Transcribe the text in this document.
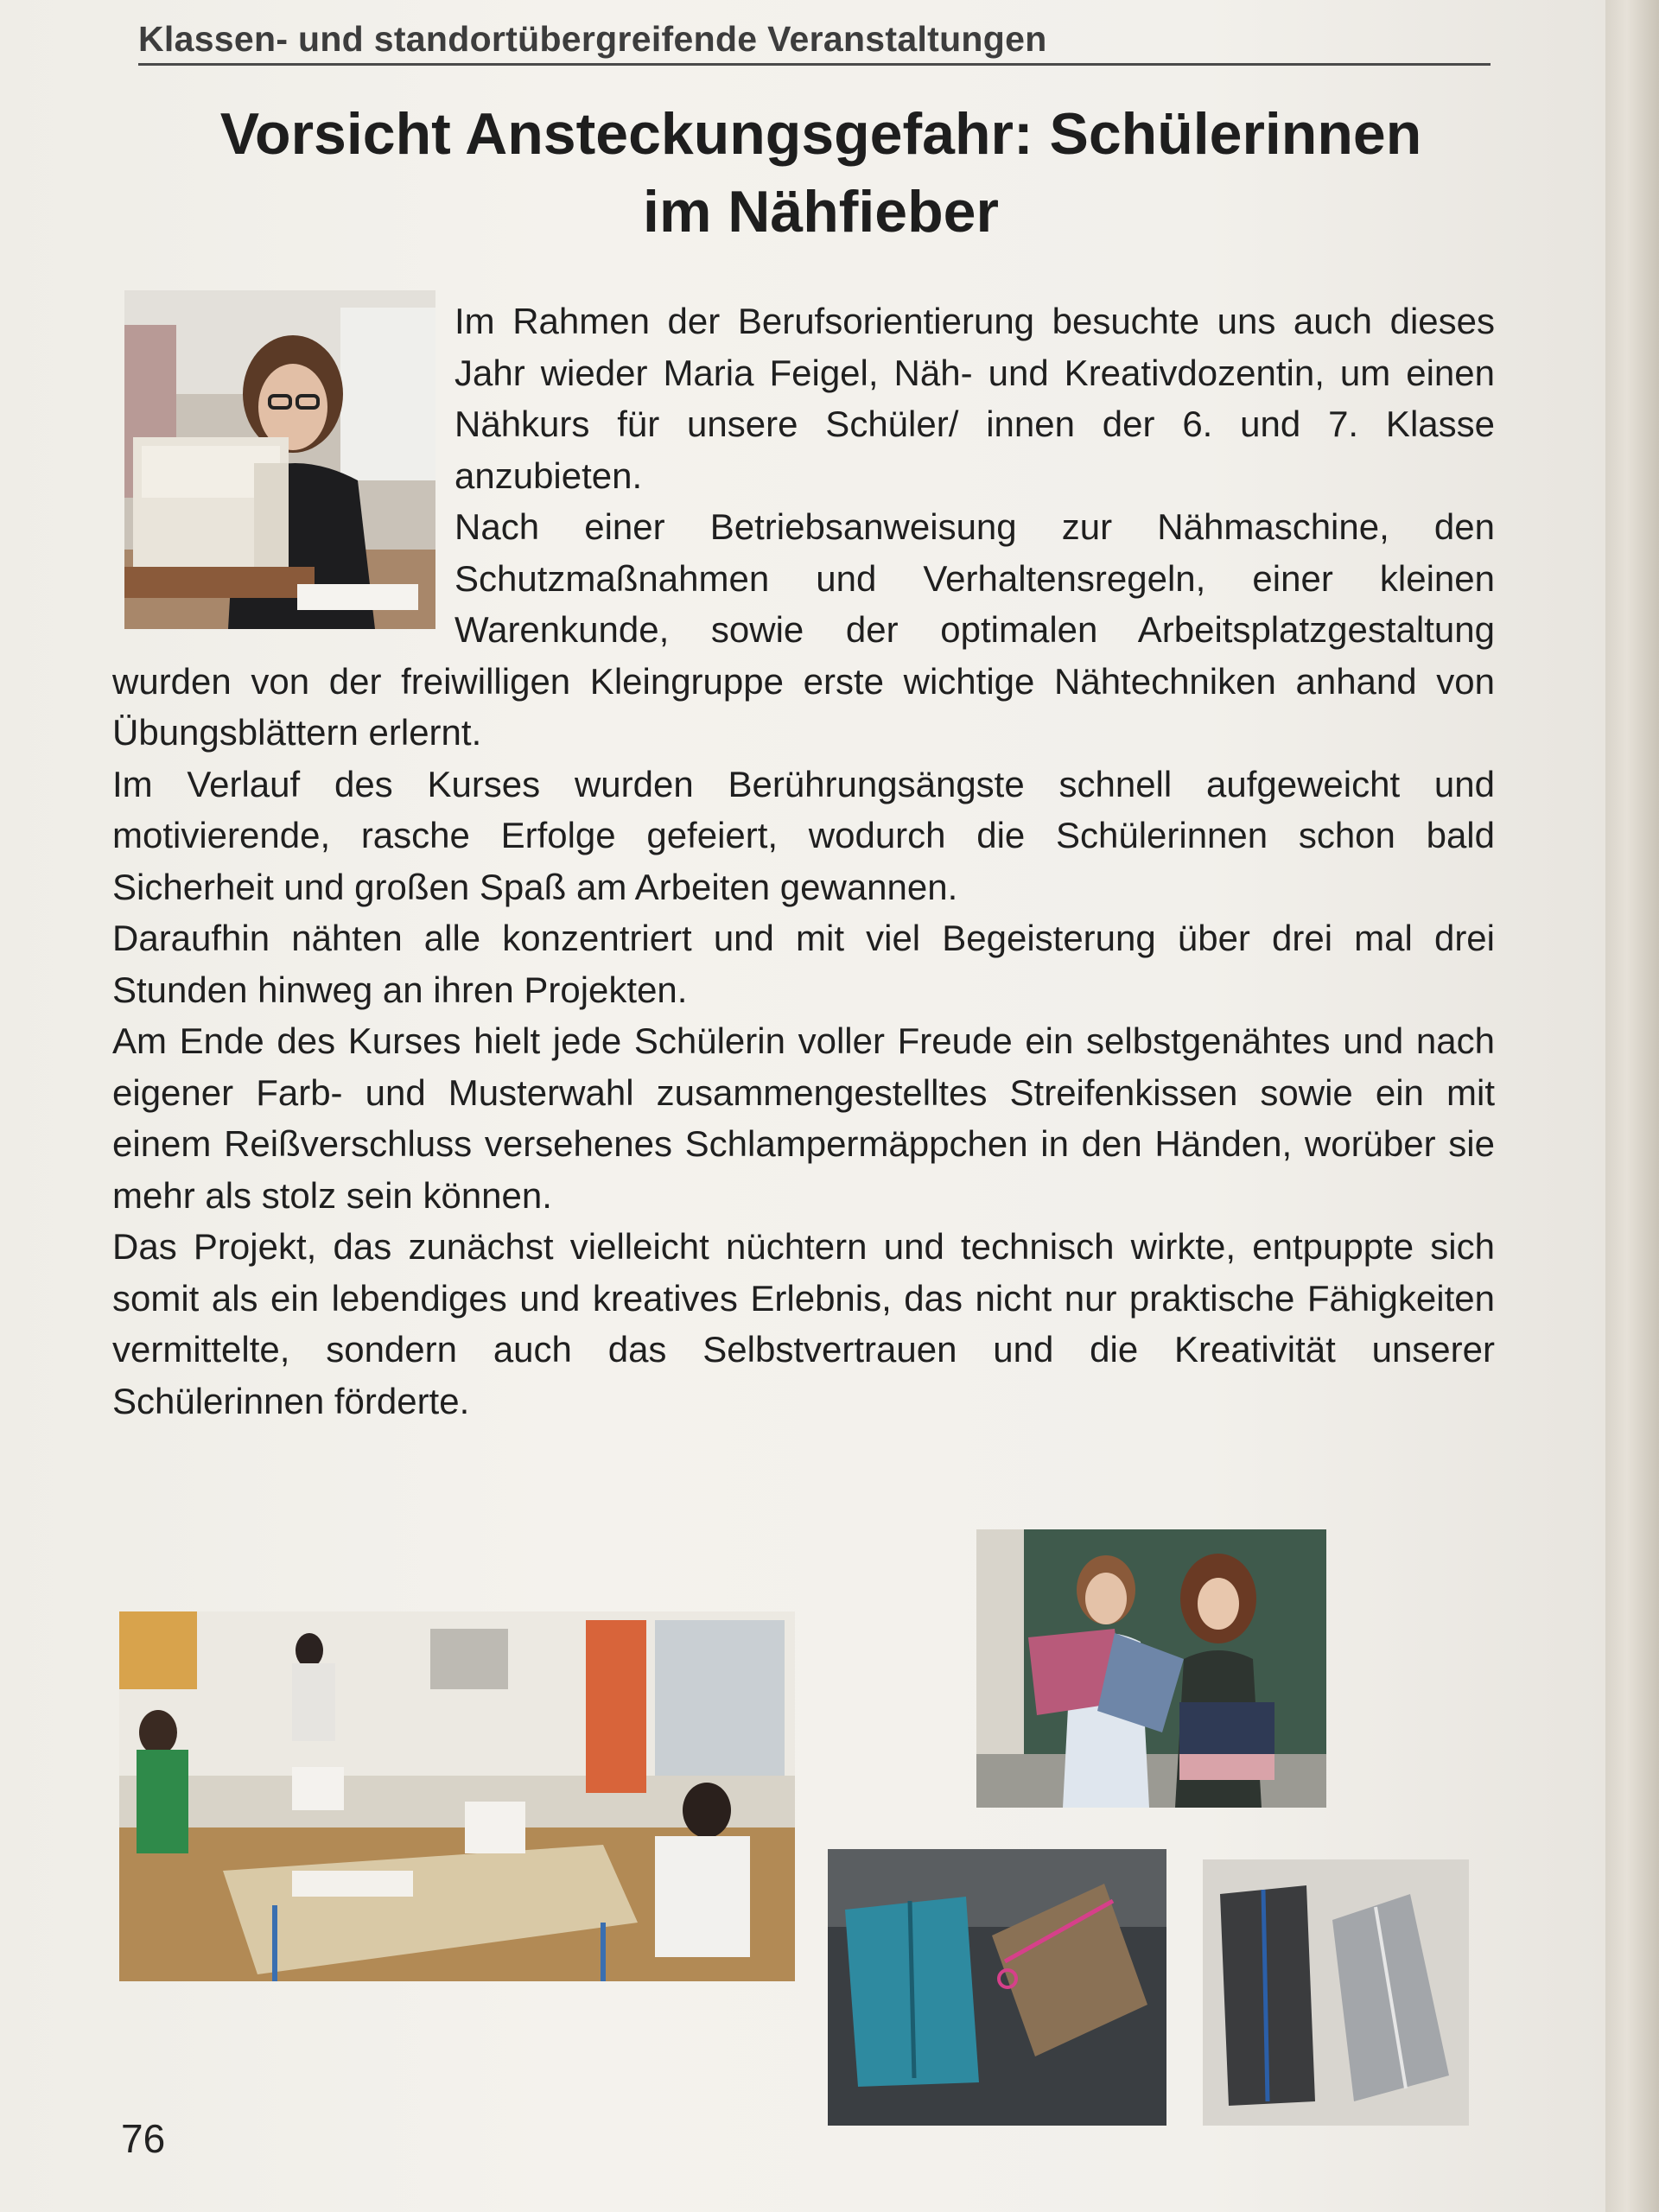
Klassen- und standortübergreifende Veranstaltungen
Vorsicht Ansteckungsgefahr: Schülerinnen
im Nähfieber

Im Rahmen der Berufsorientierung besuchte uns auch dieses Jahr wieder Maria Feigel, Näh- und Kreativdozentin, um einen Nähkurs für unsere Schüler/ innen der 6. und 7. Klasse anzubieten.

Nach einer Betriebsanweisung zur Nähmaschine, den Schutzmaßnahmen und Verhaltensregeln, einer kleinen Warenkunde, sowie der optimalen Arbeitsplatzgestaltung wurden von der freiwilligen Kleingruppe erste wichtige Nähtechniken anhand von Übungsblättern erlernt.

Im Verlauf des Kurses wurden Berührungsängste schnell aufgeweicht und motivierende, rasche Erfolge gefeiert, wodurch die Schülerinnen schon bald Sicherheit und großen Spaß am Arbeiten gewannen.

Daraufhin nähten alle konzentriert und mit viel Begeisterung über drei mal drei Stunden hinweg an ihren Projekten.

Am Ende des Kurses hielt jede Schülerin voller Freude ein selbstgenähtes und nach eigener Farb- und Musterwahl zusammengestelltes Streifenkissen sowie ein mit einem Reißverschluss versehenes Schlampermäppchen in den Händen, worüber sie mehr als stolz sein können.

Das Projekt, das zunächst vielleicht nüchtern und technisch wirkte, entpuppte sich somit als ein lebendiges und kreatives Erlebnis, das nicht nur praktische Fähigkeiten vermittelte, sondern auch das Selbstvertrauen und die Kreativität unserer Schülerinnen förderte.

76
